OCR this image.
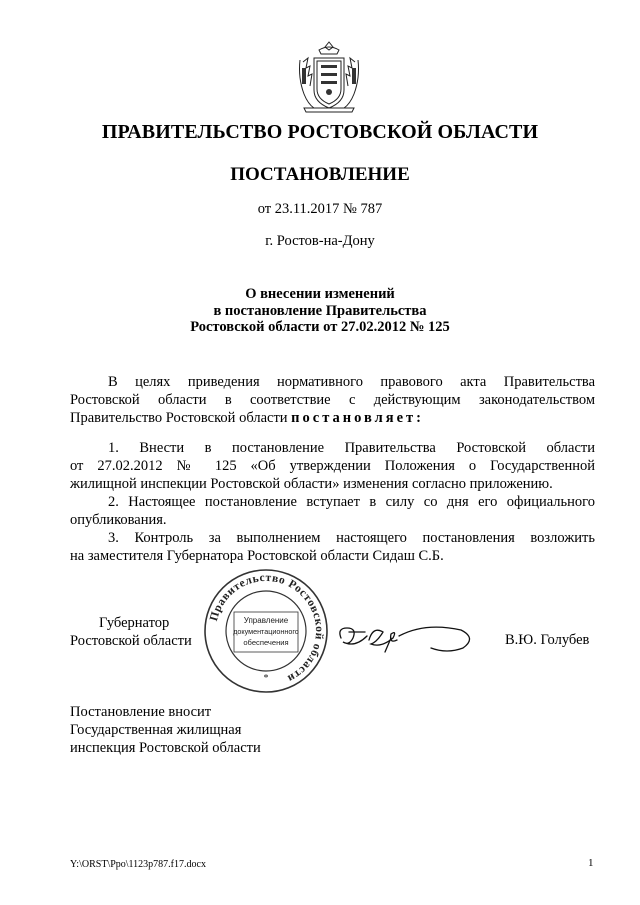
ПРАВИТЕЛЬСТВО РОСТОВСКОЙ ОБЛАСТИ
ПОСТАНОВЛЕНИЕ
от 23.11.2017 № 787
г. Ростов-на-Дону
О внесении изменений
в постановление Правительства
Ростовской области от 27.02.2012 № 125
В целях приведения нормативного правового акта Правительства
Ростовской области в соответствие с действующим законодательством
Правительство Ростовской области постановляет:
1. Внести в постановление Правительства Ростовской области
от 27.02.2012 № 125 «Об утверждении Положения о Государственной
жилищной инспекции Ростовской области» изменения согласно приложению.
2. Настоящее постановление вступает в силу со дня его официального
опубликования.
3. Контроль за выполнением настоящего постановления возложить
на заместителя Губернатора Ростовской области Сидаш С.Б.
Губернатор
Ростовской области
Правительство Ростовской области
Управление
документационного
обеспечения
*
В.Ю. Голубев
Постановление вносит
Государственная жилищная
инспекция Ростовской области
Y:\ORST\Ppo\1123p787.f17.docx	1
